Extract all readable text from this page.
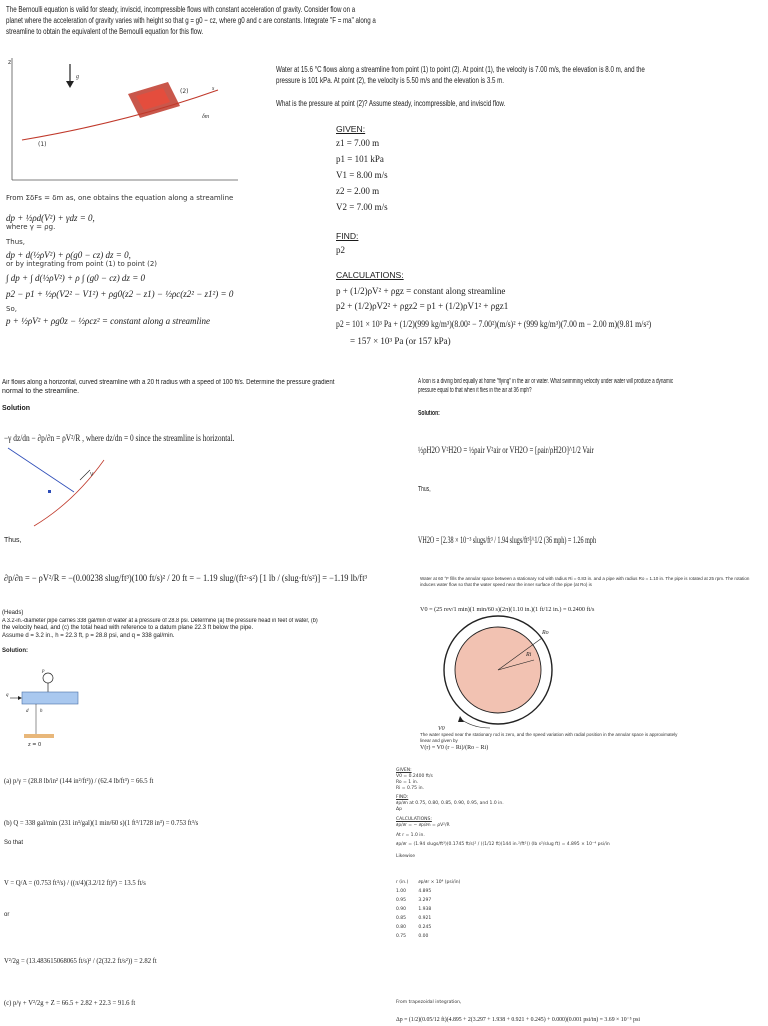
The Bernoulli equation is valid for steady, inviscid, incompressible flows with constant acceleration of gravity. Consider flow on a
planet where the acceleration of gravity varies with height so that g = g0 − cz, where g0 and c are constants. Integrate "F = ma" along a
streamline to obtain the equivalent of the Bernoulli equation for this flow.
z
g
(2)	s
δm
(1)
From ΣδFs = δm as, one obtains the equation along a streamline
dp + ½ρd(V²) + γdz = 0,
where γ = ρg.
Thus,
dp + d(½ρV²) + ρ(g0 − cz) dz = 0,
or by integrating from point (1) to point (2)
∫ dp + ∫ d(½ρV²) + ρ ∫ (g0 − cz) dz = 0
p2 − p1 + ½ρ(V2² − V1²) + ρg0(z2 − z1) − ½ρc(z2² − z1²) = 0
So,
p + ½ρV² + ρg0z − ½ρcz² = constant along a streamline
Water at 15.6 °C flows along a streamline from point (1) to point (2). At point (1), the velocity is 7.00 m/s, the elevation is 8.0 m, and the
pressure is 101 kPa. At point (2), the velocity is 5.50 m/s and the elevation is 3.5 m.
What is the pressure at point (2)? Assume steady, incompressible, and inviscid flow.
GIVEN:
z1 = 7.00 m
p1 = 101 kPa
V1 = 8.00 m/s
z2 = 2.00 m
V2 = 7.00 m/s
FIND:
p2
CALCULATIONS:
p + (1/2)ρV² + ρgz = constant along streamline
p2 + (1/2)ρV2² + ρgz2 = p1 + (1/2)ρV1² + ρgz1
p2 = 101 × 10³ Pa + (1/2)(999 kg/m³)(8.00² − 7.00²)(m/s)² + (999 kg/m³)(7.00 m − 2.00 m)(9.81 m/s²)
= 157 × 10³ Pa (or 157 kPa)
Air flows along a horizontal, curved streamline with a 20 ft radius with a speed of 100 ft/s. Determine the pressure gradient
normal to the streamline.
Solution
−γ dz/dn − ∂p/∂n = ρV²/R , where dz/dn = 0 since the streamline is horizontal.
V
Thus,
∂p/∂n = − ρV²/R = −(0.00238 slug/ft³)(100 ft/s)² / 20 ft = − 1.19 slug/(ft²·s²) [1 lb / (slug·ft/s²)] = −1.19 lb/ft³
A loon is a diving bird equally at home "flying" in the air or water. What swimming velocity under water will produce a dynamic
pressure equal to that when it flies in the air at 36 mph?
Solution:
½ρH2O V²H2O = ½ρair V²air or VH2O = [ρair/ρH2O]^1/2 Vair
Thus,
VH2O = [2.38 × 10⁻³ slugs/ft³ / 1.94 slugs/ft³]^1/2 (36 mph) = 1.26 mph
Water at 60 °F fills the annular space between a stationary rod with radius Ri = 0.83 in. and a pipe with radius Ro = 1.10 in. The pipe is rotated at 25 rpm. The rotation induces water flow so that the water speed near the inner surface of the pipe (at Ro) is
V0 = (25 rev/1 min)(1 min/60 s)(2π)(1.10 in.)(1 ft/12 in.) = 0.2400 ft/s
Ro
Ri
V0
The water speed near the stationary rod is zero, and the speed variation with radial position in the annular space is approximately
linear and given by
V(r) = V0 (r − Ri)/(Ro − Ri)
GIVEN:
V0 = 0.2400 ft/s
Ro = 1 in.
Ri = 0.75 in.
FIND:
∂p/∂n at 0.75, 0.80, 0.85, 0.90, 0.95, and 1.0 in.
Δp
CALCULATIONS:
∂p/∂r = − ∂p/∂n = ρV²/R
At r = 1.0 in.
∂p/∂r = (1.94 slugs/ft³)(0.1745 ft/s)² / ((1/12 ft)(144 in.²/ft²)) (lb s²/slug ft) = 4.895 × 10⁻⁴ psi/in
Likewise
r (in.)	∂p/∂r × 10⁴ (psi/in)
1.00	4.895
0.95	3.297
0.90	1.938
0.85	0.921
0.80	0.245
0.75	0.00
From trapezoidal integration,
Δp = (1/2)(0.05/12 ft)(4.895 + 2(3.297 + 1.938 + 0.921 + 0.245) + 0.000)(0.001 psi/in) = 3.69 × 10⁻⁵ psi
(Heads)
A 3.2-in.-diameter pipe carries 338 gal/min of water at a pressure of 28.8 psi. Determine (a) the pressure head in feet of water, (b)
the velocity head, and (c) the total head with reference to a datum plane 22.3 ft below the pipe.
Assume d = 3.2 in., h = 22.3 ft, p = 28.8 psi, and q = 338 gal/min.
Solution:
p
q
d h
z = 0
(a) p/γ = (28.8 lb/in² (144 in²/ft²)) / (62.4 lb/ft³) = 66.5 ft
(b) Q = 338 gal/min (231 in³/gal)(1 min/60 s)(1 ft³/1728 in³) = 0.753 ft³/s
So that
V = Q/A = (0.753 ft³/s) / ((π/4)(3.2/12 ft)²) = 13.5 ft/s
or
V²/2g = (13.483615068065 ft/s)² / (2(32.2 ft/s²)) = 2.82 ft
(c) p/γ + V²/2g + Z = 66.5 + 2.82 + 22.3 = 91.6 ft
